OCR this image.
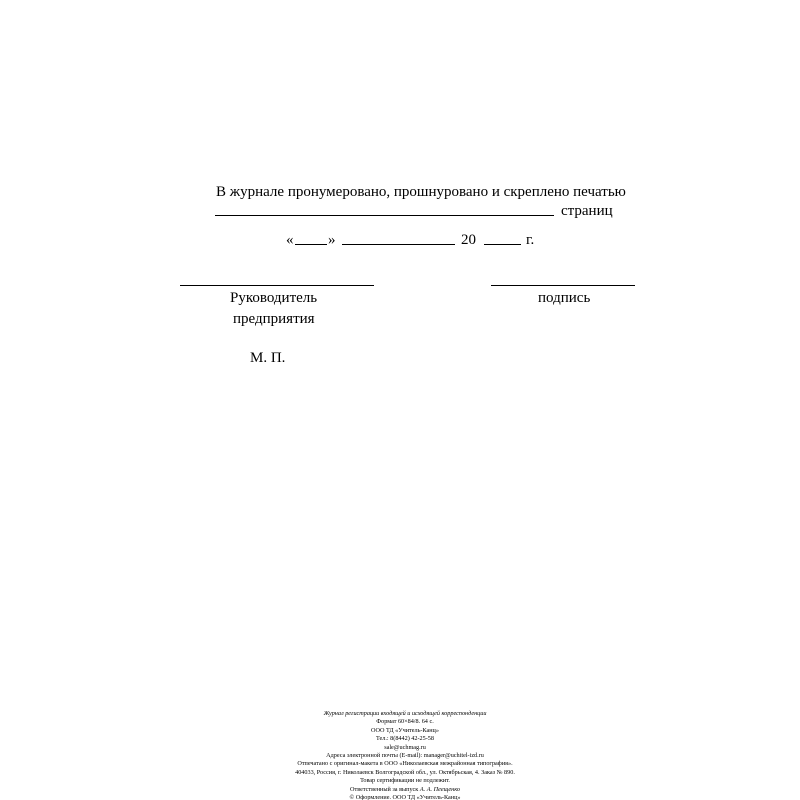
В журнале пронумеровано, прошнуровано и скреплено печатью
страниц
« »	20	г.
Руководитель
предприятия
подпись
М. П.
Журнал регистрации входящей и исходящей корреспонденции
Формат 60×84/8. 64 с.
ООО ТД «Учитель-Канц»
Тел.: 8(8442) 42-25-58
sale@uchmag.ru
Адреса электронной почты (E-mail): manager@uchitel-izd.ru
Отпечатано с оригинал-макета в ООО «Николаевская межрайонная типография».
404033, Россия, г. Николаевск Волгоградской обл., ул. Октябрьская, 4. Заказ № 890.
Товар сертификации не подлежит.
Ответственный за выпуск А. А. Пеещенко
© Оформление. ООО ТД «Учитель-Канц»
